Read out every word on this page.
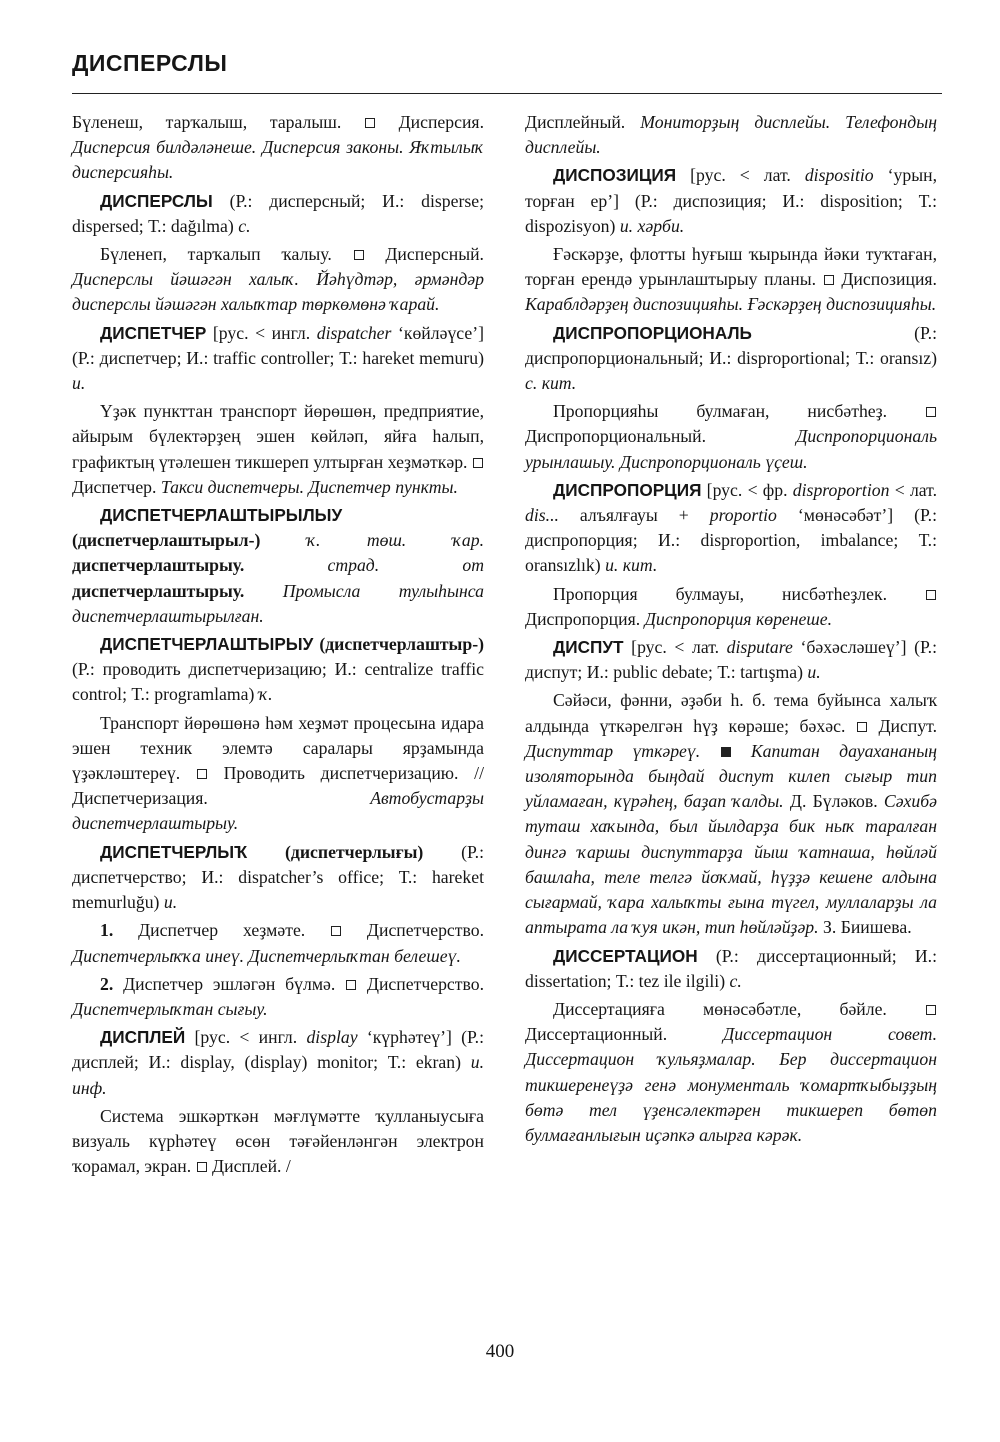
ДИСПЕРСЛЫ

Бүленеш, тарҡалыш, таралыш.  Дисперсия. Дисперсия билдәләнеше. Дисперсия законы. Яҡтылыҡ дисперсияһы.

ДИСПЕРСЛЫ (Р.: дисперсный; И.: disperse; dispersed; Т.: dağılma) с.

Бүленеп, тарҡалып ҡалыу.  Дисперсный. Дисперслы йәшәгән халыҡ. Йәһүдтәр, әрмәндәр дисперслы йәшәгән халыҡтар төркөмөнә ҡарай.

ДИСПЕТЧЕР [рус. < ингл. dispatcher ‘көйләүсе’] (Р.: диспетчер; И.: traffic controller; Т.: hareket memuru) и.

Үҙәк пункттан транспорт йөрөшөн, предприятие, айырым бүлектәрҙең эшен көйләп, яйға һалып, графиктың үтәлешен тикшереп ултырған хеҙмәткәр.  Диспетчер. Такси диспетчеры. Диспетчер пункты.

ДИСПЕТЧЕРЛАШТЫРЫЛЫУ (диспетчерлаштырыл-) ҡ. төш. ҡар. диспетчерлаштырыу. страд. от диспетчерлаштырыу. Промысла тулыһынса диспетчерлаштырылған.

ДИСПЕТЧЕРЛАШТЫРЫУ (диспетчерлаштыр-) (Р.: проводить диспетчеризацию; И.: centralize traffic control; Т.: programlama) ҡ.

Транспорт йөрөшөнә һәм хеҙмәт процесына идара эшен техник элемтә саралары ярҙамында үҙәкләштереү.  Проводить диспетчеризацию. // Диспетчеризация. Автобустарҙы диспетчерлаштырыу.

ДИСПЕТЧЕРЛЫҠ (диспетчерлығы) (Р.: диспетчерство; И.: dispatcher’s office; Т.: hareket memurluğu) и.

1. Диспетчер хеҙмәте.  Диспетчерство. Диспетчерлыҡҡа инеү. Диспетчерлыҡтан белешеү.

2. Диспетчер эшләгән бүлмә.  Диспетчерство. Диспетчерлыҡтан сығыу.

ДИСПЛЕЙ [рус. < ингл. display ‘күрһәтеү’] (Р.: дисплей; И.: display, (display) monitor; Т.: ekran) и. инф.

Система эшкәрткән мәғлүмәтте ҡулланыусыға визуаль күрһәтеү өсөн тәғәйенләнгән электрон ҡорамал, экран.  Дисплей. /

Дисплейный. Мониторҙың дисплейы. Телефондың дисплейы.

ДИСПОЗИЦИЯ [рус. < лат. dispositio ‘урын, торған ер’] (Р.: диспозиция; И.: disposition; Т.: dispozisyon) и. хәрби.

Ғәскәрҙе, флотты һуғыш ҡырында йәки туҡтаған, торған ерендә урынлаштырыу планы.  Диспозиция. Караблдәрҙең диспозицияһы. Ғәскәрҙең диспозицияһы.

ДИСПРОПОРЦИОНАЛЬ (Р.: диспропорциональный; И.: disproportional; Т.: oransız) с. кит.

Пропорцияһы булмаған, нисбәтһеҙ.  Диспропорциональный. Диспропорциональ урынлашыу. Диспропорциональ үҫеш.

ДИСПРОПОРЦИЯ [рус. < фр. disproportion < лат. dis... алъялғауы + proportio ‘мөнәсәбәт’] (Р.: диспропорция; И.: disproportion, imbalance; Т.: oransızlık) и. кит.

Пропорция булмауы, нисбәтһеҙлек.  Диспропорция. Диспропорция көренеше.

ДИСПУТ [рус. < лат. disputare ‘бәхәсләшеү’] (Р.: диспут; И.: public debate; Т.: tartışma) и.

Сәйәси, фәнни, әҙәби һ. б. тема буйынса халыҡ алдында үткәрелгән һүҙ көрәше; бәхәс.  Диспут. Диспуттар үткәреү.  Капитан дауахананың изоляторында быңдай диспут килеп сығыр тип уйламаған, күрәһең, баҙап ҡалды. Д. Бүләков. Сәхибә туташ хаҡында, был йылдарҙа бик ныҡ таралған дингә ҡаршы диспуттарҙа йыш ҡатнаша, һөйләй башлаһа, теле телгә йоҡмай, һүҙҙә кешене алдына сығармай, ҡара халыҡты ғына түгел, муллаларҙы ла аптырата ла ҡуя икән, тип һөйләйҙәр. З. Биишева.

ДИССЕРТАЦИОН (Р.: диссертационный; И.: dissertation; Т.: tez ile ilgili) с.

Диссертацияға мөнәсәбәтле, бәйле.  Диссертационный. Диссертацион совет. Диссертацион ҡульяҙмалар. Бер диссертацион тикшеренеүҙә генә монументаль ҡомартҡыбыҙҙың бөтә тел үҙенсәлектәрен тикшереп бөтөп булмағанлығын иҫәпкә алырға кәрәк.

400
